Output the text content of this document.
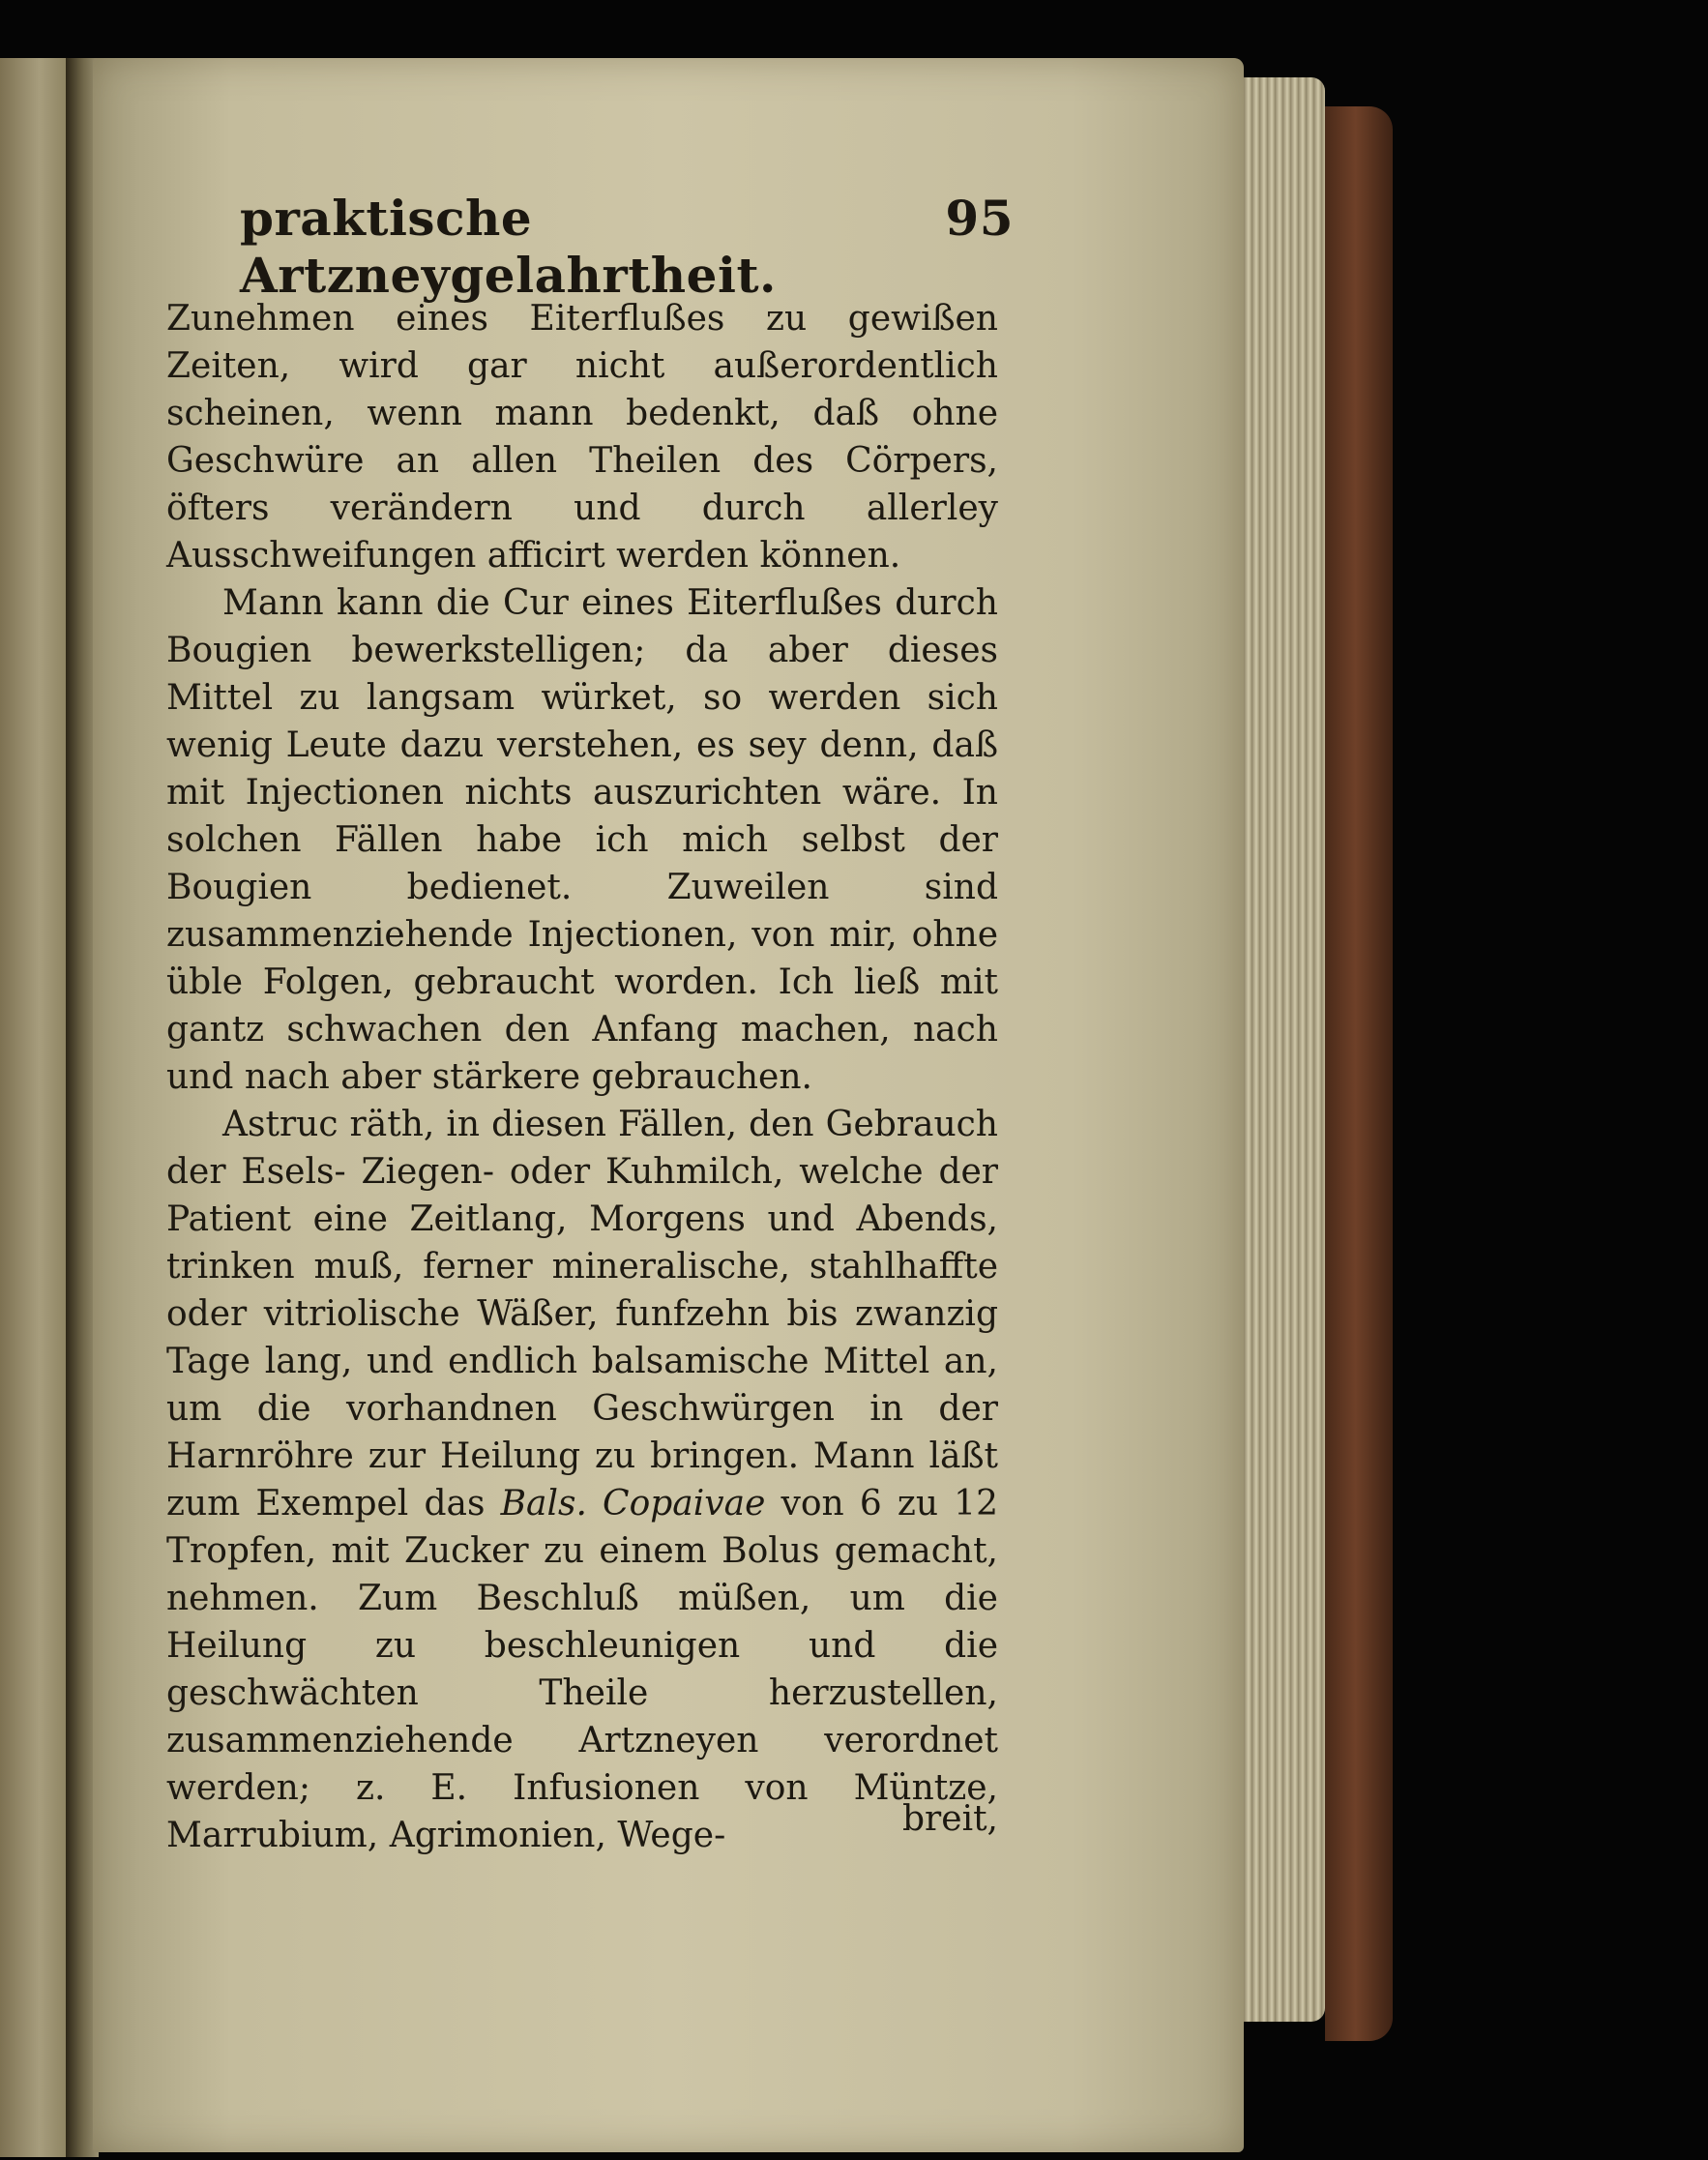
praktische Artzneygelahrtheit.
95

Zunehmen eines Eiterflußes zu gewißen Zeiten, wird gar nicht außerordentlich scheinen, wenn mann bedenkt, daß ohne Geschwüre an allen Theilen des Cörpers, öfters verändern und durch allerley Ausschweifungen afficirt werden können.

Mann kann die Cur eines Eiterflußes durch Bougien bewerkstelligen; da aber dieses Mittel zu langsam würket, so werden sich wenig Leute dazu verstehen, es sey denn, daß mit Injectionen nichts auszurichten wäre. In solchen Fällen habe ich mich selbst der Bougien bedienet. Zuweilen sind zusammenziehende Injectionen, von mir, ohne üble Folgen, gebraucht worden. Ich ließ mit gantz schwachen den Anfang machen, nach und nach aber stärkere gebrauchen.

Astruc räth, in diesen Fällen, den Gebrauch der Esels- Ziegen- oder Kuhmilch, welche der Patient eine Zeitlang, Morgens und Abends, trinken muß, ferner mineralische, stahlhaffte oder vitriolische Wäßer, funfzehn bis zwanzig Tage lang, und endlich balsamische Mittel an, um die vorhandnen Geschwürgen in der Harnröhre zur Heilung zu bringen. Mann läßt zum Exempel das Bals. Copaivae von 6 zu 12 Tropfen, mit Zucker zu einem Bolus gemacht, nehmen. Zum Beschluß müßen, um die Heilung zu beschleunigen und die geschwächten Theile herzustellen, zusammenziehende Artzneyen verordnet werden; z. E. Infusionen von Müntze, Marrubium, Agrimonien, Wege-	breit,
